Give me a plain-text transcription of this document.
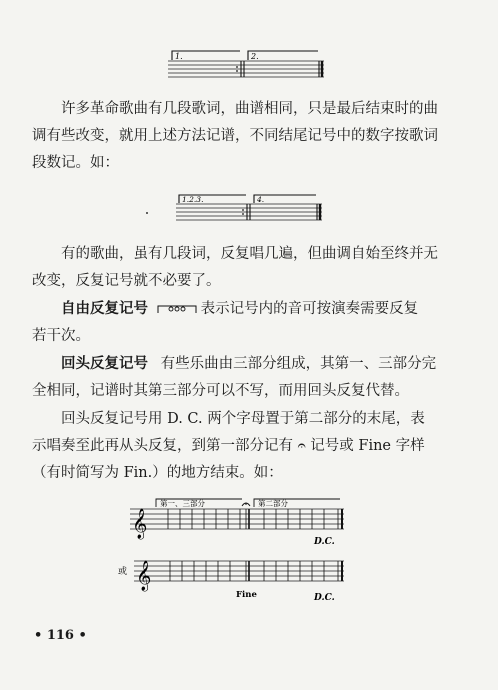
1.	2.
许多革命歌曲有几段歌词，曲谱相同，只是最后结束时的曲
调有些改变，就用上述方法记谱，不同结尾记号中的数字按歌词
段数记。如：
1.2.3.	4.
有的歌曲，虽有几段词，反复唱几遍，但曲调自始至终并无
改变，反复记号就不必要了。
自由反复记号	表示记号内的音可按演奏需要反复
若干次。
回头反复记号 有些乐曲由三部分组成，其第一、三部分完
全相同，记谱时其第三部分可以不写，而用回头反复代替。
回头反复记号用 D. C. 两个字母置于第二部分的末尾，表
示唱奏至此再从头反复，到第一部分记有 𝄐 记号或 Fine 字样
（有时简写为 Fin.）的地方结束。如：
𝄞
第一、三部分	第二部分
D.C.
或 𝄞
Fine	D.C.
• 116 •
